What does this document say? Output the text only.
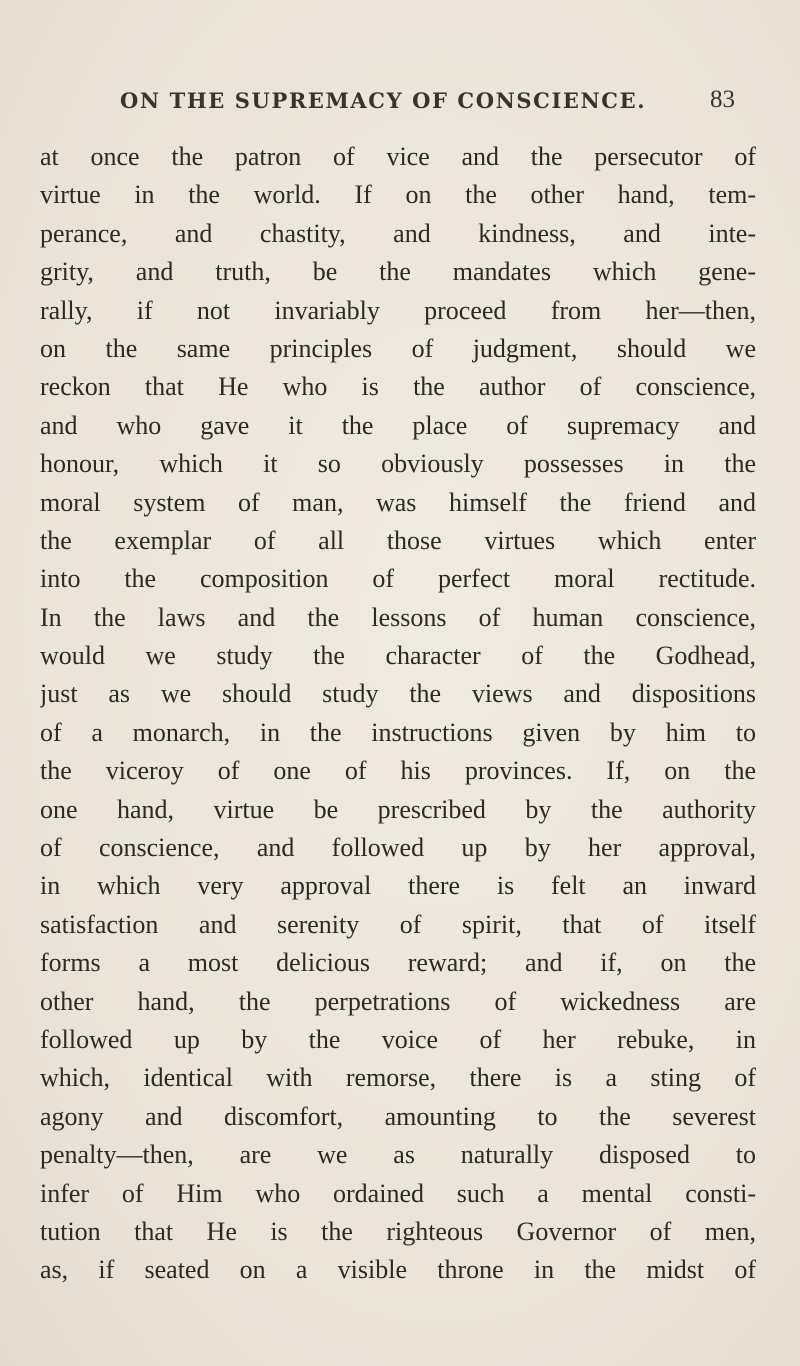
ON THE SUPREMACY OF CONSCIENCE.	83
at once the patron of vice and the persecutor of
virtue in the world. If on the other hand, tem-
perance, and chastity, and kindness, and inte-
grity, and truth, be the mandates which gene-
rally, if not invariably proceed from her—then,
on the same principles of judgment, should we
reckon that He who is the author of conscience,
and who gave it the place of supremacy and
honour, which it so obviously possesses in the
moral system of man, was himself the friend and
the exemplar of all those virtues which enter
into the composition of perfect moral rectitude.
In the laws and the lessons of human conscience,
would we study the character of the Godhead,
just as we should study the views and dispositions
of a monarch, in the instructions given by him to
the viceroy of one of his provinces. If, on the
one hand, virtue be prescribed by the authority
of conscience, and followed up by her approval,
in which very approval there is felt an inward
satisfaction and serenity of spirit, that of itself
forms a most delicious reward; and if, on the
other hand, the perpetrations of wickedness are
followed up by the voice of her rebuke, in
which, identical with remorse, there is a sting of
agony and discomfort, amounting to the severest
penalty—then, are we as naturally disposed to
infer of Him who ordained such a mental consti-
tution that He is the righteous Governor of men,
as, if seated on a visible throne in the midst of
